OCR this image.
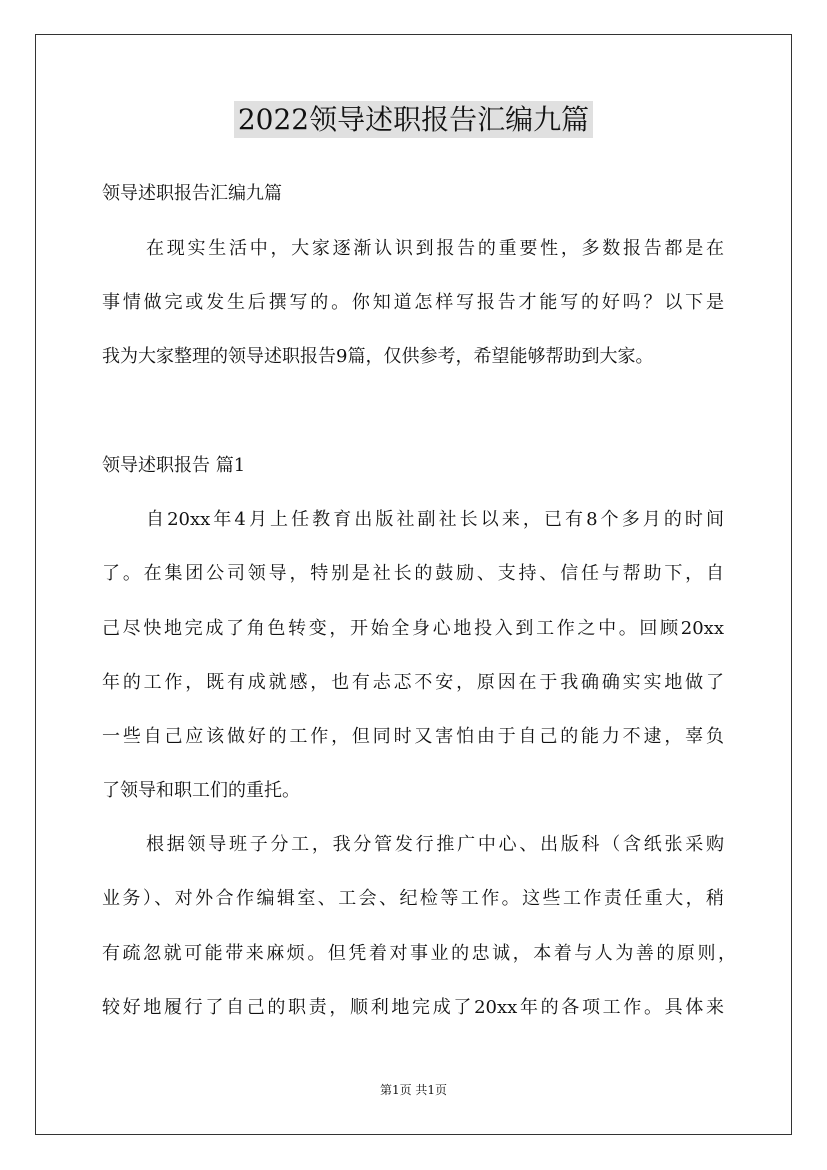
2022领导述职报告汇编九篇
领导述职报告汇编九篇
在现实生活中，大家逐渐认识到报告的重要性，多数报告都是在
事情做完或发生后撰写的。你知道怎样写报告才能写的好吗？以下是
我为大家整理的领导述职报告9篇，仅供参考，希望能够帮助到大家。
领导述职报告 篇1
自20xx年4月上任教育出版社副社长以来，已有8个多月的时间
了。在集团公司领导，特别是社长的鼓励、支持、信任与帮助下，自
己尽快地完成了角色转变，开始全身心地投入到工作之中。回顾20xx
年的工作，既有成就感，也有忐忑不安，原因在于我确确实实地做了
一些自己应该做好的工作，但同时又害怕由于自己的能力不逮，辜负
了领导和职工们的重托。
根据领导班子分工，我分管发行推广中心、出版科（含纸张采购
业务）、对外合作编辑室、工会、纪检等工作。这些工作责任重大，稍
有疏忽就可能带来麻烦。但凭着对事业的忠诚，本着与人为善的原则，
较好地履行了自己的职责，顺利地完成了20xx年的各项工作。具体来
第1页 共1页
